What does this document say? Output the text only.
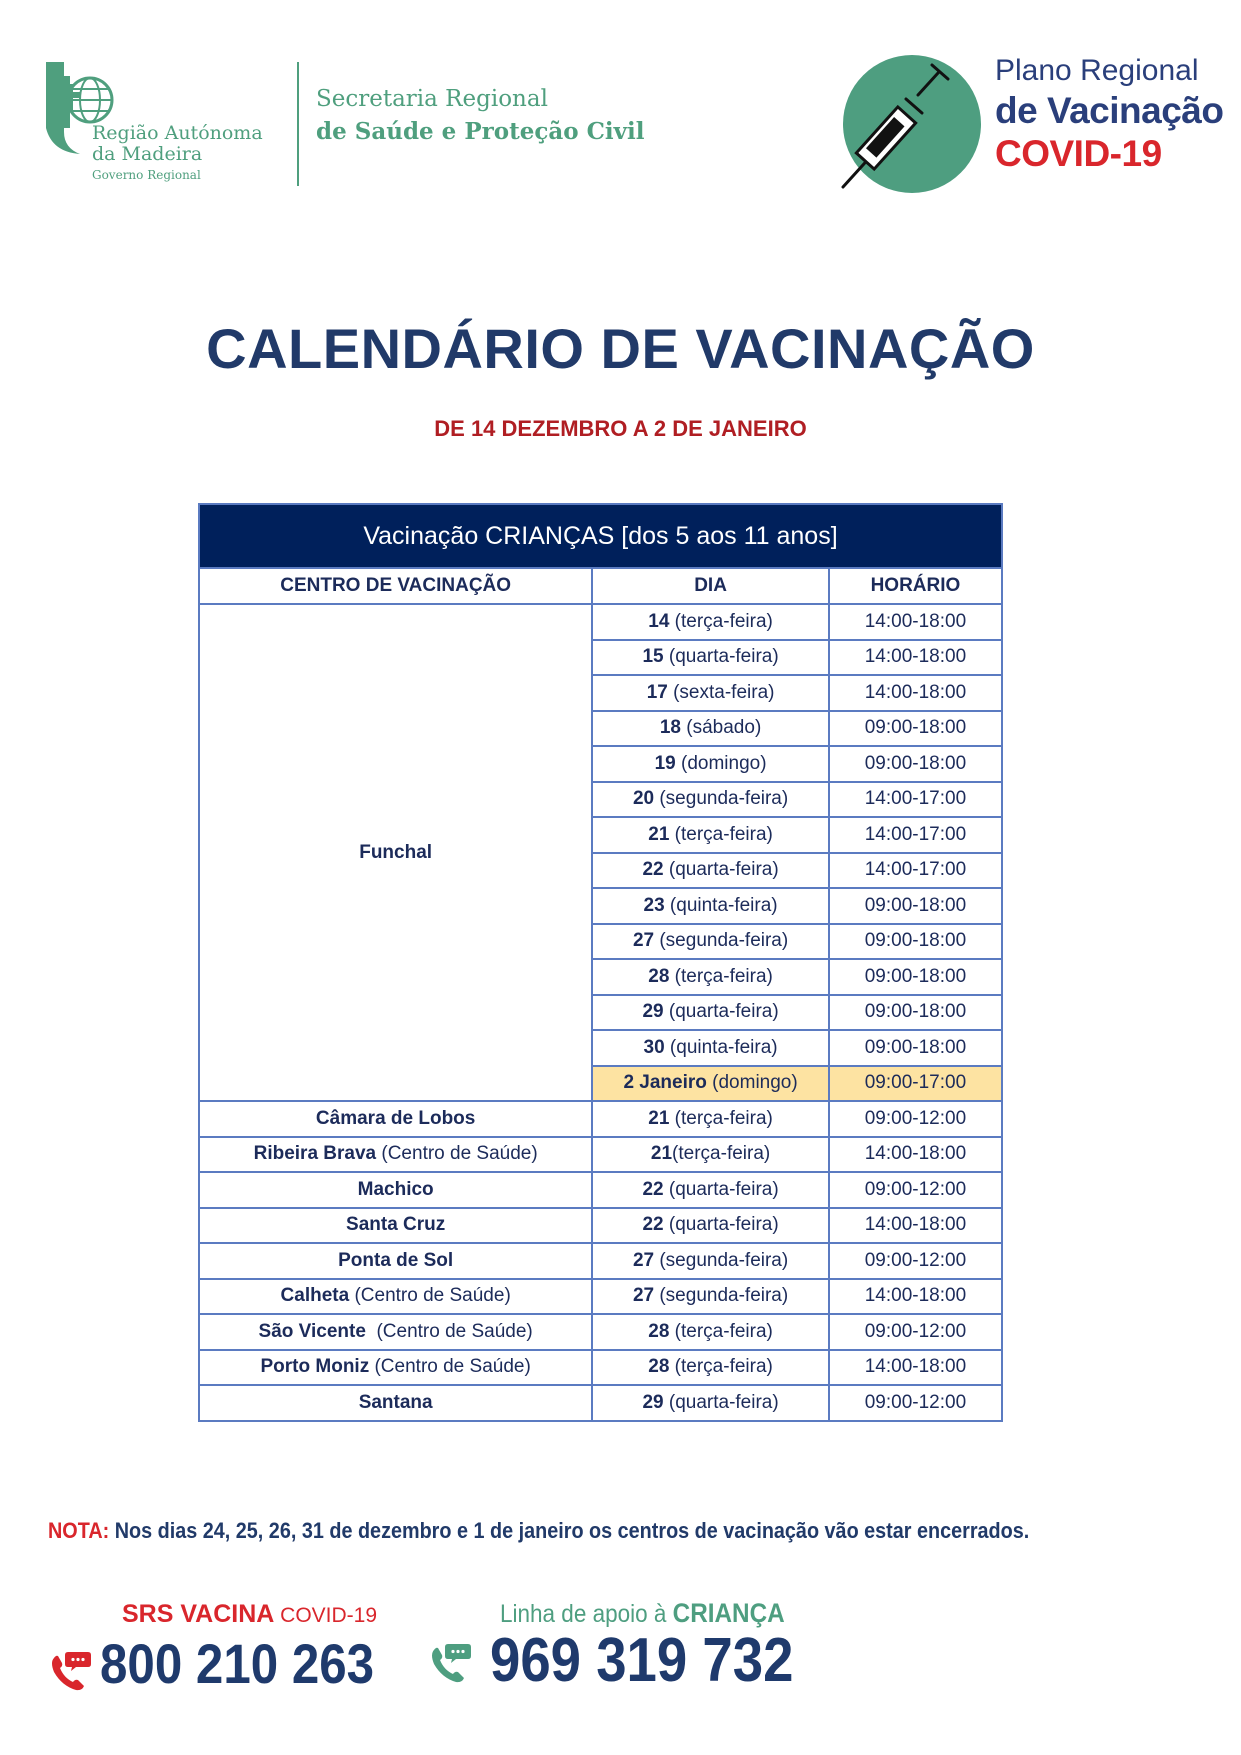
Região Autónoma
da Madeira
Governo Regional
Secretaria Regional
de Saúde e Proteção Civil
Plano Regional
de Vacinação
COVID-19
CALENDÁRIO DE VACINAÇÃO
DE 14 DEZEMBRO A 2 DE JANEIRO
Vacinação CRIANÇAS [dos 5 aos 11 anos]		
CENTRO DE VACINAÇÃO	DIA	HORÁRIO
Funchal	14 (terça-feira)	14:00-18:00
	15 (quarta-feira)	14:00-18:00
	17 (sexta-feira)	14:00-18:00
	18 (sábado)	09:00-18:00
	19 (domingo)	09:00-18:00
	20 (segunda-feira)	14:00-17:00
	21 (terça-feira)	14:00-17:00
	22 (quarta-feira)	14:00-17:00
	23 (quinta-feira)	09:00-18:00
	27 (segunda-feira)	09:00-18:00
	28 (terça-feira)	09:00-18:00
	29 (quarta-feira)	09:00-18:00
	30 (quinta-feira)	09:00-18:00
	2 Janeiro (domingo)	09:00-17:00
Câmara de Lobos	21 (terça-feira)	09:00-12:00
Ribeira Brava (Centro de Saúde)	21(terça-feira)	14:00-18:00
Machico	22 (quarta-feira)	09:00-12:00
Santa Cruz	22 (quarta-feira)	14:00-18:00
Ponta de Sol	27 (segunda-feira)	09:00-12:00
Calheta (Centro de Saúde)	27 (segunda-feira)	14:00-18:00
São Vicente  (Centro de Saúde)	28 (terça-feira)	09:00-12:00
Porto Moniz (Centro de Saúde)	28 (terça-feira)	14:00-18:00
Santana	29 (quarta-feira)	09:00-12:00
NOTA: Nos dias 24, 25, 26, 31 de dezembro e 1 de janeiro os centros de vacinação vão estar encerrados.
SRS VACINA COVID-19
800 210 263
Linha de apoio à CRIANÇA
969 319 732
